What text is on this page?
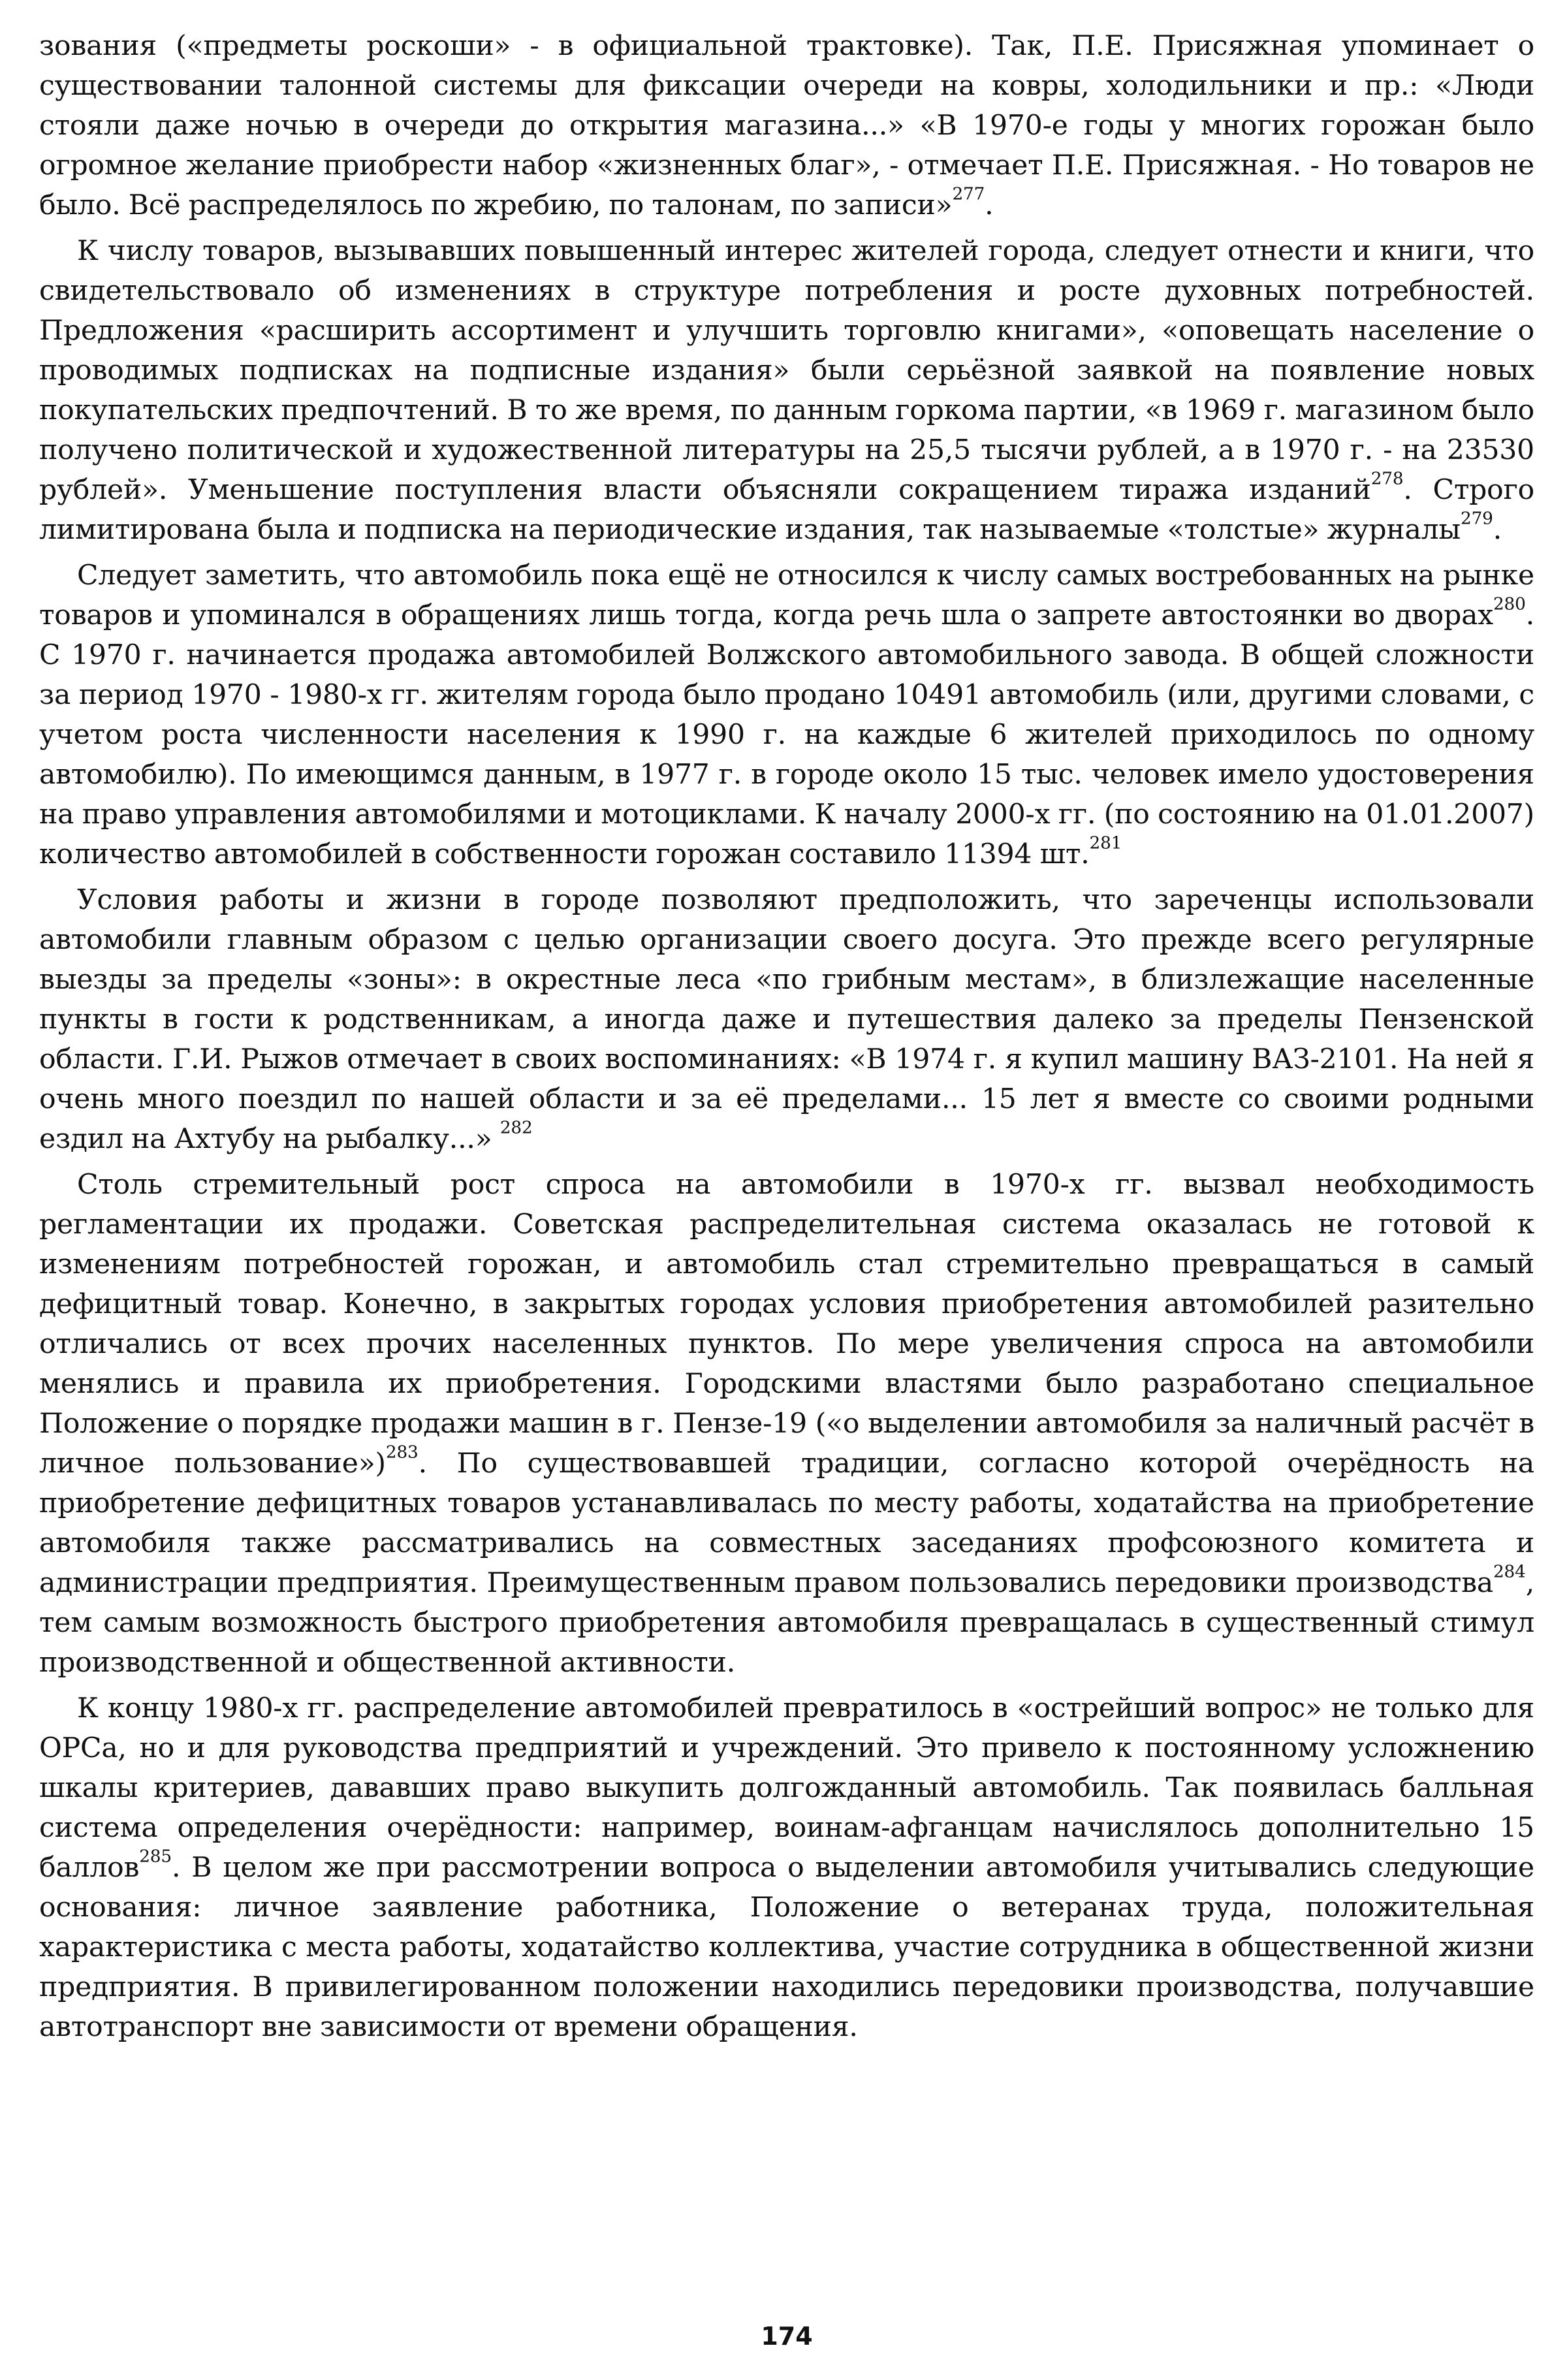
зования («предметы роскоши» - в официальной трактовке). Так, П.Е. Присяжная упоминает о существовании талонной системы для фиксации очереди на ковры, холодильники и пр.: «Люди стояли даже ночью в очереди до открытия магазина...» «В 1970-е годы у многих горожан было огромное желание приобрести набор «жизненных благ», - отмечает П.Е. Присяжная. - Но товаров не было. Всё распределялось по жребию, по талонам, по записи»$^{277}$.

К числу товаров, вызывавших повышенный интерес жителей города, следует отнести и книги, что свидетельствовало об изменениях в структуре потребления и росте духовных потребностей. Предложения «расширить ассортимент и улучшить торговлю книгами», «оповещать население о проводимых подписках на подписные издания» были серьёзной заявкой на появление новых покупательских предпочтений. В то же время, по данным горкома партии, «в 1969 г. магазином было получено политической и художественной литературы на 25,5 тысячи рублей, а в 1970 г. - на 23530 рублей». Уменьшение поступления власти объясняли сокращением тиража изданий$^{278}$. Строго лимитирована была и подписка на периодические издания, так называемые «толстые» журналы$^{279}$.

Следует заметить, что автомобиль пока ещё не относился к числу самых востребованных на рынке товаров и упоминался в обращениях лишь тогда, когда речь шла о запрете автостоянки во дворах$^{280}$. С 1970 г. начинается продажа автомобилей Волжского автомобильного завода. В общей сложности за период 1970 - 1980-х гг. жителям города было продано 10491 автомобиль (или, другими словами, с учетом роста численности населения к 1990 г. на каждые 6 жителей приходилось по одному автомобилю). По имеющимся данным, в 1977 г. в городе около 15 тыс. человек имело удостоверения на право управления автомобилями и мотоциклами. К началу 2000-х гг. (по состоянию на 01.01.2007) количество автомобилей в собственности горожан составило 11394 шт.$^{281}$

Условия работы и жизни в городе позволяют предположить, что зареченцы использовали автомобили главным образом с целью организации своего досуга. Это прежде всего регулярные выезды за пределы «зоны»: в окрестные леса «по грибным местам», в близлежащие населенные пункты в гости к родственникам, а иногда даже и путешествия далеко за пределы Пензенской области. Г.И. Рыжов отмечает в своих воспоминаниях: «В 1974 г. я купил машину ВАЗ-2101. На ней я очень много поездил по нашей области и за её пределами... 15 лет я вместе со своими родными ездил на Ахтубу на рыбалку...» $^{282}$

Столь стремительный рост спроса на автомобили в 1970-х гг. вызвал необходимость регламентации их продажи. Советская распределительная система оказалась не готовой к изменениям потребностей горожан, и автомобиль стал стремительно превращаться в самый дефицитный товар. Конечно, в закрытых городах условия приобретения автомобилей разительно отличались от всех прочих населенных пунктов. По мере увеличения спроса на автомобили менялись и правила их приобретения. Городскими властями было разработано специальное Положение о порядке продажи машин в г. Пензе-19 («о выделении автомобиля за наличный расчёт в личное пользование»)$^{283}$. По существовавшей традиции, согласно которой очерёдность на приобретение дефицитных товаров устанавливалась по месту работы, ходатайства на приобретение автомобиля также рассматривались на совместных заседаниях профсоюзного комитета и администрации предприятия. Преимущественным правом пользовались передовики производства$^{284}$, тем самым возможность быстрого приобретения автомобиля превращалась в существенный стимул производственной и общественной активности.

К концу 1980-х гг. распределение автомобилей превратилось в «острейший вопрос» не только для ОРСа, но и для руководства предприятий и учреждений. Это привело к постоянному усложнению шкалы критериев, дававших право выкупить долгожданный автомобиль. Так появилась балльная система определения очерёдности: например, воинам-афганцам начислялось дополнительно 15 баллов$^{285}$. В целом же при рассмотрении вопроса о выделении автомобиля учитывались следующие основания: личное заявление работника, Положение о ветеранах труда, положительная характеристика с места работы, ходатайство коллектива, участие сотрудника в общественной жизни предприятия. В привилегированном положении находились передовики производства, получавшие автотранспорт вне зависимости от времени обращения.

174
